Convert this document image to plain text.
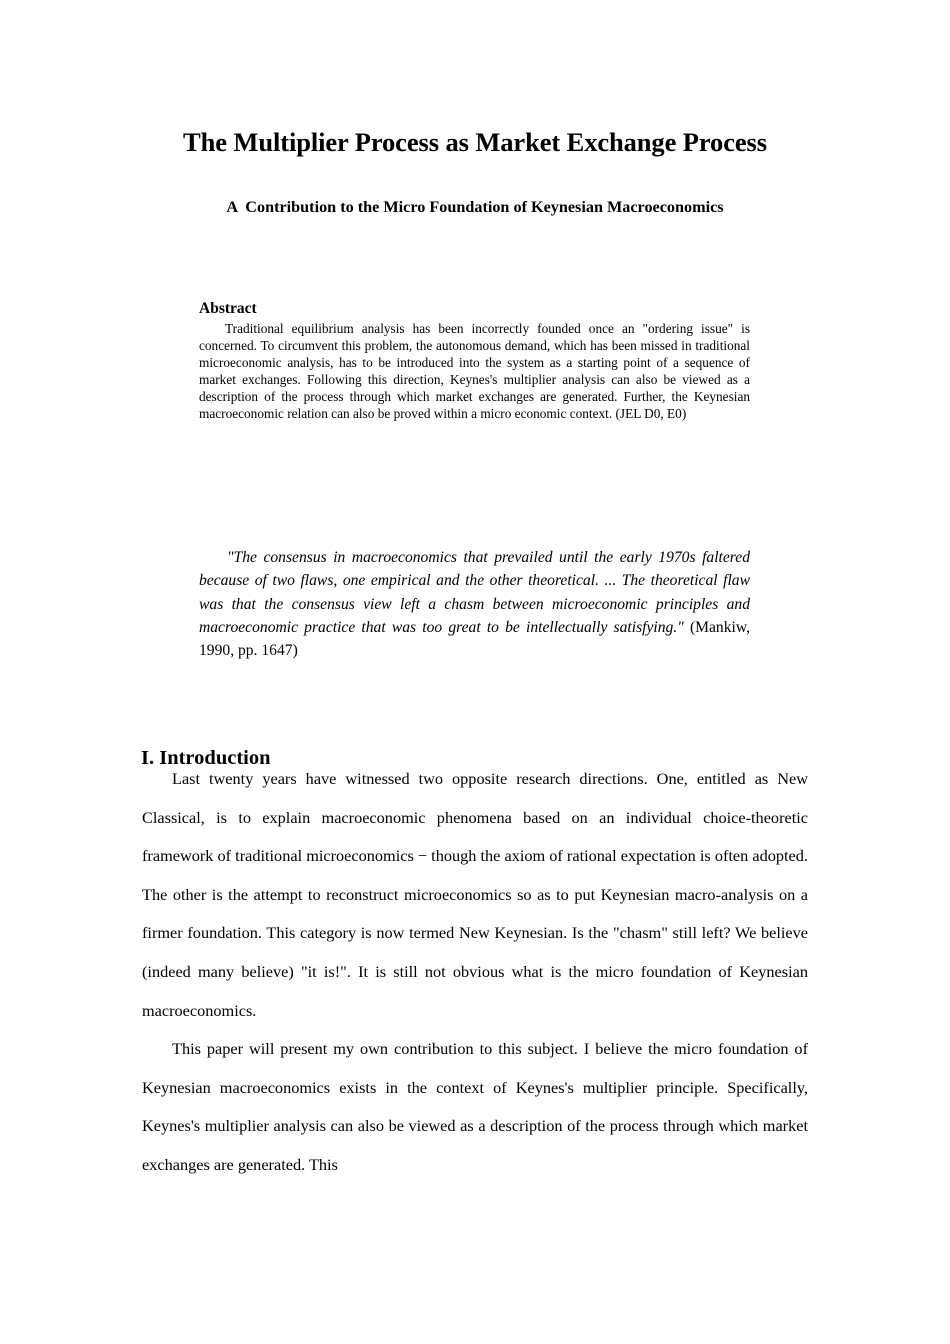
The Multiplier Process as Market Exchange Process
A  Contribution to the Micro Foundation of Keynesian Macroeconomics
Abstract

Traditional equilibrium analysis has been incorrectly founded once an "ordering issue" is concerned. To circumvent this problem, the autonomous demand, which has been missed in traditional microeconomic analysis, has to be introduced into the system as a starting point of a sequence of market exchanges. Following this direction, Keynes's multiplier analysis can also be viewed as a description of the process through which market exchanges are generated. Further, the Keynesian macroeconomic relation can also be proved within a micro economic context. (JEL D0, E0)

"The consensus in macroeconomics that prevailed until the early 1970s faltered because of two flaws, one empirical and the other theoretical. ... The theoretical flaw was that the consensus view left a chasm between microeconomic principles and macroeconomic practice that was too great to be intellectually satisfying." (Mankiw, 1990, pp. 1647)

I. Introduction

Last twenty years have witnessed two opposite research directions. One, entitled as New Classical, is to explain macroeconomic phenomena based on an individual choice-theoretic framework of traditional microeconomics − though the axiom of rational expectation is often adopted. The other is the attempt to reconstruct microeconomics so as to put Keynesian macro-analysis on a firmer foundation. This category is now termed New Keynesian. Is the "chasm" still left? We believe (indeed many believe) "it is!". It is still not obvious what is the micro foundation of Keynesian macroeconomics.

This paper will present my own contribution to this subject. I believe the micro foundation of Keynesian macroeconomics exists in the context of Keynes's multiplier principle. Specifically, Keynes's multiplier analysis can also be viewed as a description of the process through which market exchanges are generated. This
